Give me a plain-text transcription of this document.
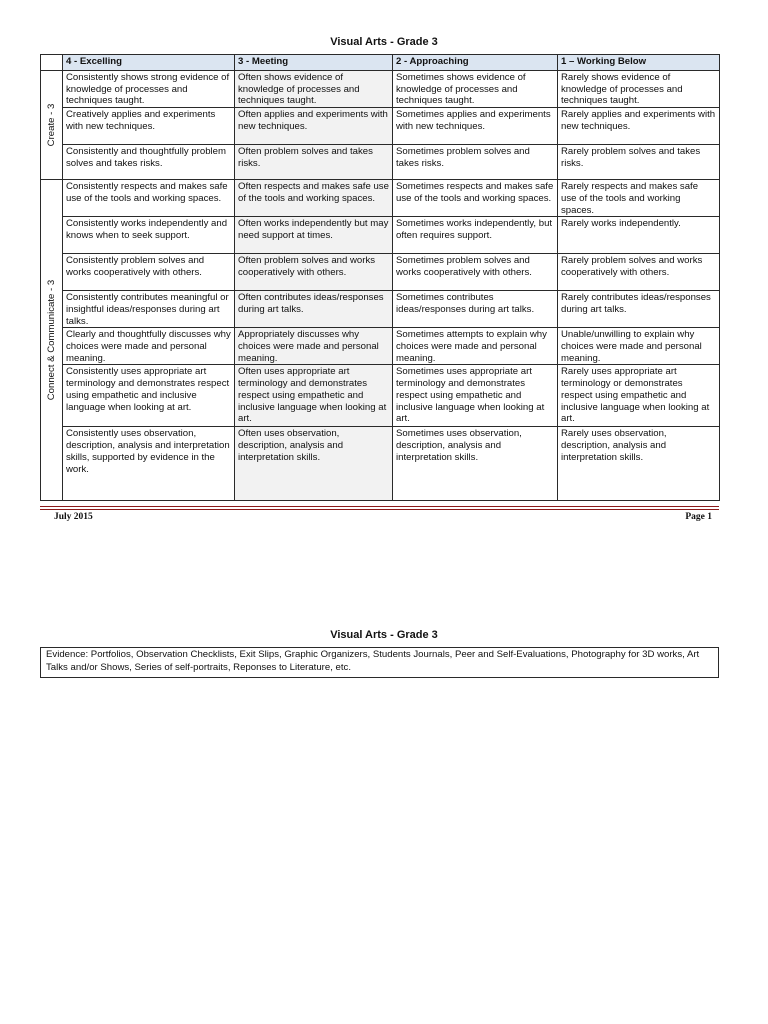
Visual Arts - Grade 3
	4 - Excelling	3 - Meeting	2 - Approaching	1 – Working Below

Create - 3	Consistently shows strong evidence of knowledge of processes and techniques taught.	Often shows evidence of knowledge of processes and techniques taught.	Sometimes shows evidence of knowledge of processes and techniques taught.	Rarely shows evidence of knowledge of processes and techniques taught.
	Creatively applies and experiments with new techniques.	Often applies and experiments with new techniques.	Sometimes applies and experiments with new techniques.	Rarely applies and experiments with new techniques.
	Consistently and thoughtfully problem solves and takes risks.	Often problem solves and takes risks.	Sometimes problem solves and takes risks.	Rarely problem solves and takes risks.

Connect & Communicate - 3	Consistently respects and makes safe use of the tools and working spaces.	Often respects and makes safe use of the tools and working spaces.	Sometimes respects and makes safe use of the tools and working spaces.	Rarely respects and makes safe use of the tools and working spaces.
	Consistently works independently and knows when to seek support.	Often works independently but may need support at times.	Sometimes works independently, but often requires support.	Rarely works independently.
	Consistently problem solves and works cooperatively with others.	Often problem solves and works cooperatively with others.	Sometimes problem solves and works cooperatively with others.	Rarely problem solves and works cooperatively with others.
	Consistently contributes meaningful or insightful ideas/responses during art talks.	Often contributes ideas/responses during art talks.	Sometimes contributes ideas/responses during art talks.	Rarely contributes ideas/responses during art talks.
	Clearly and thoughtfully discusses why choices were made and personal meaning.	Appropriately discusses why choices were made and personal meaning.	Sometimes attempts to explain why choices were made and personal meaning.	Unable/unwilling to explain why choices were made and personal meaning.
	Consistently uses appropriate art terminology and demonstrates respect using empathetic and inclusive language when looking at art.	Often uses appropriate art terminology and demonstrates respect using empathetic and inclusive language when looking at art.	Sometimes uses appropriate art terminology and demonstrates respect using empathetic and inclusive language when looking at art.	Rarely uses appropriate art terminology or demonstrates respect using empathetic and inclusive language when looking at art.
	Consistently uses observation, description, analysis and interpretation skills, supported by evidence in the work.	Often uses observation, description, analysis and interpretation skills.	Sometimes uses observation, description, analysis and interpretation skills.	Rarely uses observation, description, analysis and interpretation skills.
July 2015	Page 1
Visual Arts - Grade 3
Evidence: Portfolios, Observation Checklists, Exit Slips, Graphic Organizers, Students Journals, Peer and Self-Evaluations, Photography for 3D works, Art Talks and/or Shows, Series of self-portraits, Reponses to Literature, etc.
